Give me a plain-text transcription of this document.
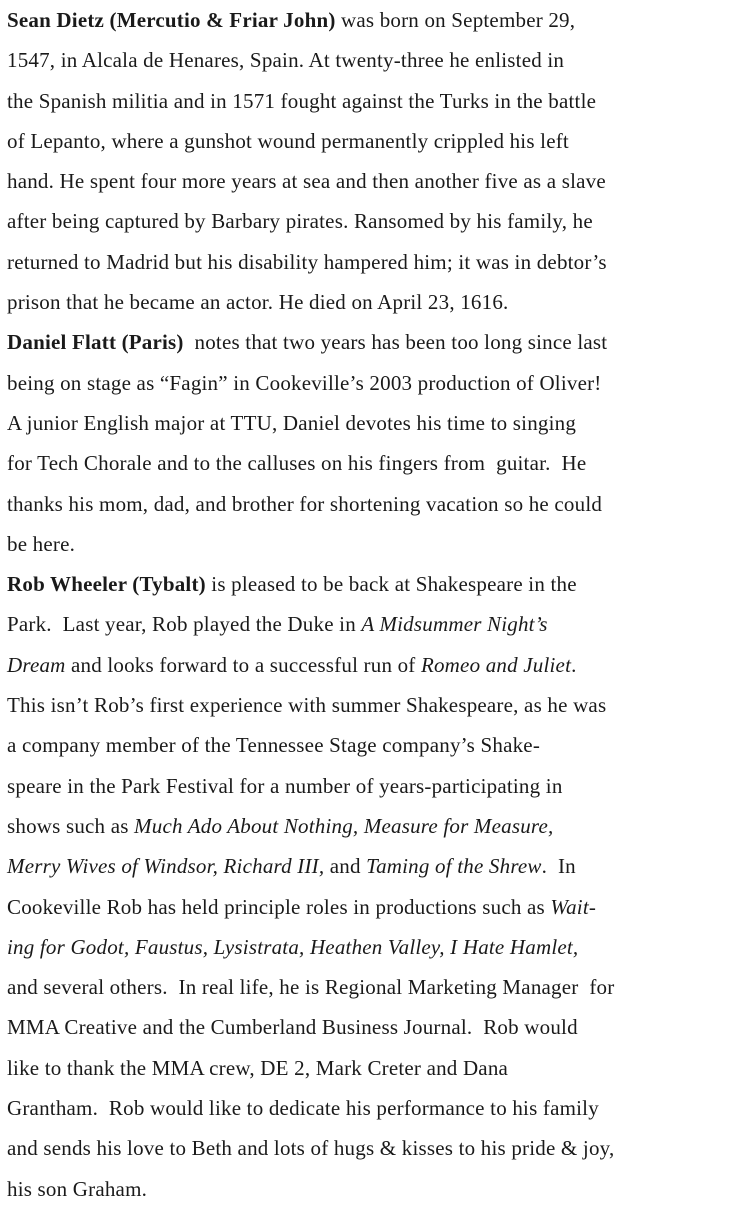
Sean Dietz (Mercutio & Friar John) was born on September 29,
1547, in Alcala de Henares, Spain. At twenty-three he enlisted in
the Spanish militia and in 1571 fought against the Turks in the battle
of Lepanto, where a gunshot wound permanently crippled his left
hand. He spent four more years at sea and then another five as a slave
after being captured by Barbary pirates. Ransomed by his family, he
returned to Madrid but his disability hampered him; it was in debtor’s
prison that he became an actor. He died on April 23, 1616.
Daniel Flatt (Paris)  notes that two years has been too long since last
being on stage as “Fagin” in Cookeville’s 2003 production of Oliver!
A junior English major at TTU, Daniel devotes his time to singing
for Tech Chorale and to the calluses on his fingers from  guitar.  He
thanks his mom, dad, and brother for shortening vacation so he could
be here.
Rob Wheeler (Tybalt) is pleased to be back at Shakespeare in the
Park.  Last year, Rob played the Duke in A Midsummer Night’s
Dream and looks forward to a successful run of Romeo and Juliet.
This isn’t Rob’s first experience with summer Shakespeare, as he was
a company member of the Tennessee Stage company’s Shake-
speare in the Park Festival for a number of years-participating in
shows such as Much Ado About Nothing, Measure for Measure,
Merry Wives of Windsor, Richard III, and Taming of the Shrew.  In
Cookeville Rob has held principle roles in productions such as Wait-
ing for Godot, Faustus, Lysistrata, Heathen Valley, I Hate Hamlet,
and several others.  In real life, he is Regional Marketing Manager  for
MMA Creative and the Cumberland Business Journal.  Rob would
like to thank the MMA crew, DE 2, Mark Creter and Dana
Grantham.  Rob would like to dedicate his performance to his family
and sends his love to Beth and lots of hugs & kisses to his pride & joy,
his son Graham.
